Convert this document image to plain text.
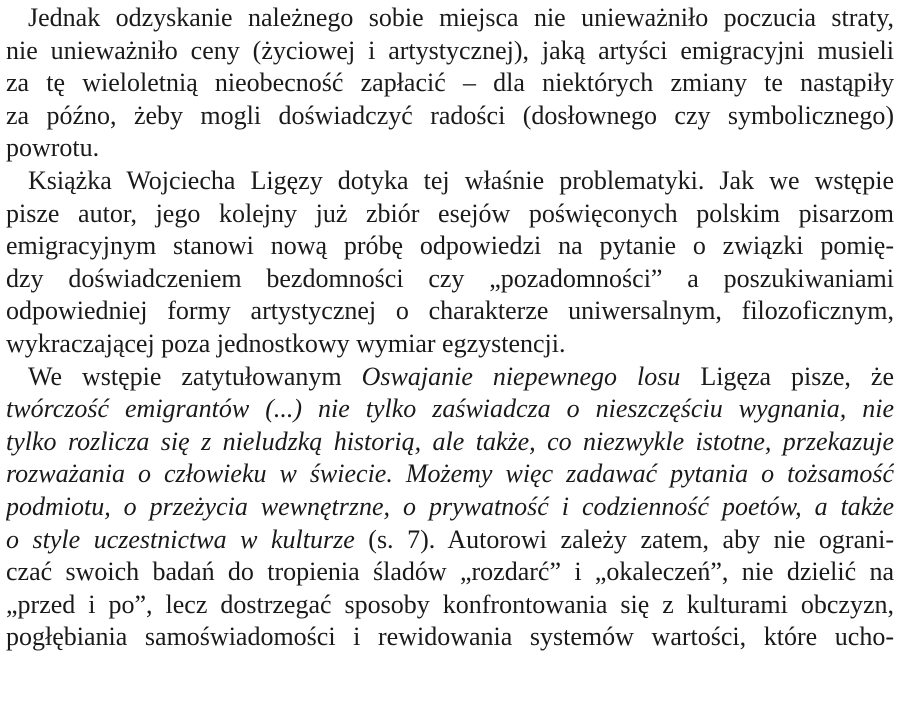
Jednak odzyskanie należnego sobie miejsca nie unieważniło poczucia straty,
nie unieważniło ceny (życiowej i artystycznej), jaką artyści emigracyjni musieli
za tę wieloletnią nieobecność zapłacić – dla niektórych zmiany te nastąpiły
za późno, żeby mogli doświadczyć radości (dosłownego czy symbolicznego)
powrotu.
Książka Wojciecha Ligęzy dotyka tej właśnie problematyki. Jak we wstępie
pisze autor, jego kolejny już zbiór esejów poświęconych polskim pisarzom
emigracyjnym stanowi nową próbę odpowiedzi na pytanie o związki pomię-
dzy doświadczeniem bezdomności czy „pozadomności” a poszukiwaniami
odpowiedniej formy artystycznej o charakterze uniwersalnym, filozoficznym,
wykraczającej poza jednostkowy wymiar egzystencji.
We wstępie zatytułowanym Oswajanie niepewnego losu Ligęza pisze, że
twórczość emigrantów (...) nie tylko zaświadcza o nieszczęściu wygnania, nie
tylko rozlicza się z nieludzką historią, ale także, co niezwykle istotne, przekazuje
rozważania o człowieku w świecie. Możemy więc zadawać pytania o tożsamość
podmiotu, o przeżycia wewnętrzne, o prywatność i codzienność poetów, a także
o style uczestnictwa w kulturze (s. 7). Autorowi zależy zatem, aby nie ograni-
czać swoich badań do tropienia śladów „rozdarć” i „okaleczeń”, nie dzielić na
„przed i po”, lecz dostrzegać sposoby konfrontowania się z kulturami obczyzn,
pogłębiania samoświadomości i rewidowania systemów wartości, które ucho-
